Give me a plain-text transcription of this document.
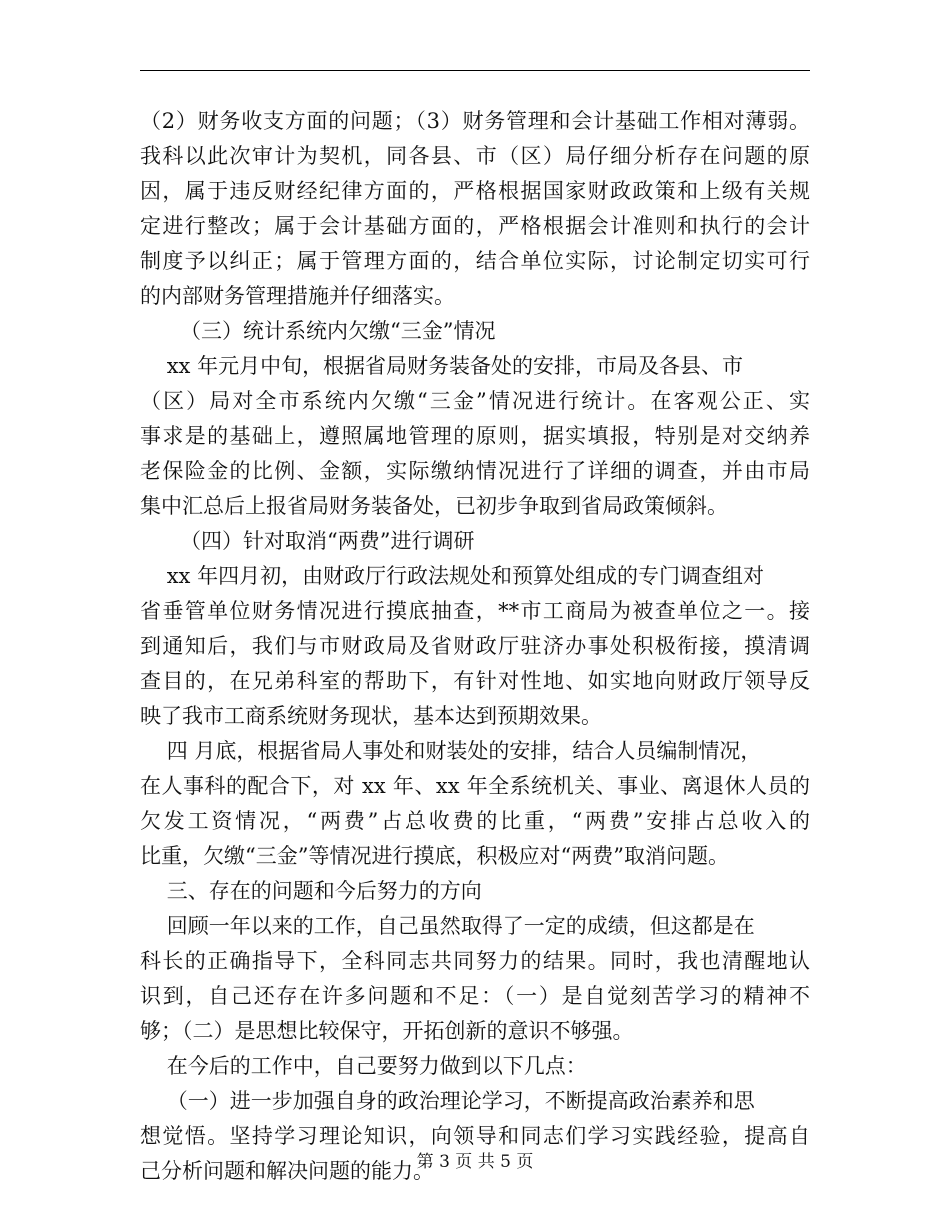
（2）财务收支方面的问题；（3）财务管理和会计基础工作相对薄弱。
我科以此次审计为契机，同各县、市（区）局仔细分析存在问题的原
因，属于违反财经纪律方面的，严格根据国家财政政策和上级有关规
定进行整改；属于会计基础方面的，严格根据会计准则和执行的会计
制度予以纠正；属于管理方面的，结合单位实际，讨论制定切实可行
的内部财务管理措施并仔细落实。
（三）统计系统内欠缴“三金”情况
xx 年元月中旬，根据省局财务装备处的安排，市局及各县、市
（区）局对全市系统内欠缴“三金”情况进行统计。在客观公正、实
事求是的基础上，遵照属地管理的原则，据实填报，特别是对交纳养
老保险金的比例、金额，实际缴纳情况进行了详细的调查，并由市局
集中汇总后上报省局财务装备处，已初步争取到省局政策倾斜。
（四）针对取消“两费”进行调研
xx 年四月初，由财政厅行政法规处和预算处组成的专门调查组对
省垂管单位财务情况进行摸底抽查，**市工商局为被查单位之一。接
到通知后，我们与市财政局及省财政厅驻济办事处积极衔接，摸清调
查目的，在兄弟科室的帮助下，有针对性地、如实地向财政厅领导反
映了我市工商系统财务现状，基本达到预期效果。
四 月底，根据省局人事处和财装处的安排，结合人员编制情况，
在人事科的配合下，对 xx 年、xx 年全系统机关、事业、离退休人员的
欠发工资情况，“两费”占总收费的比重，“两费”安排占总收入的
比重，欠缴“三金”等情况进行摸底，积极应对“两费”取消问题。
三、存在的问题和今后努力的方向
回顾一年以来的工作，自己虽然取得了一定的成绩，但这都是在
科长的正确指导下，全科同志共同努力的结果。同时，我也清醒地认
识到，自己还存在许多问题和不足：（一）是自觉刻苦学习的精神不
够；（二）是思想比较保守，开拓创新的意识不够强。
在今后的工作中，自己要努力做到以下几点：
（一）进一步加强自身的政治理论学习，不断提高政治素养和思
想觉悟。坚持学习理论知识，向领导和同志们学习实践经验，提高自
己分析问题和解决问题的能力。
第 3 页 共 5 页
